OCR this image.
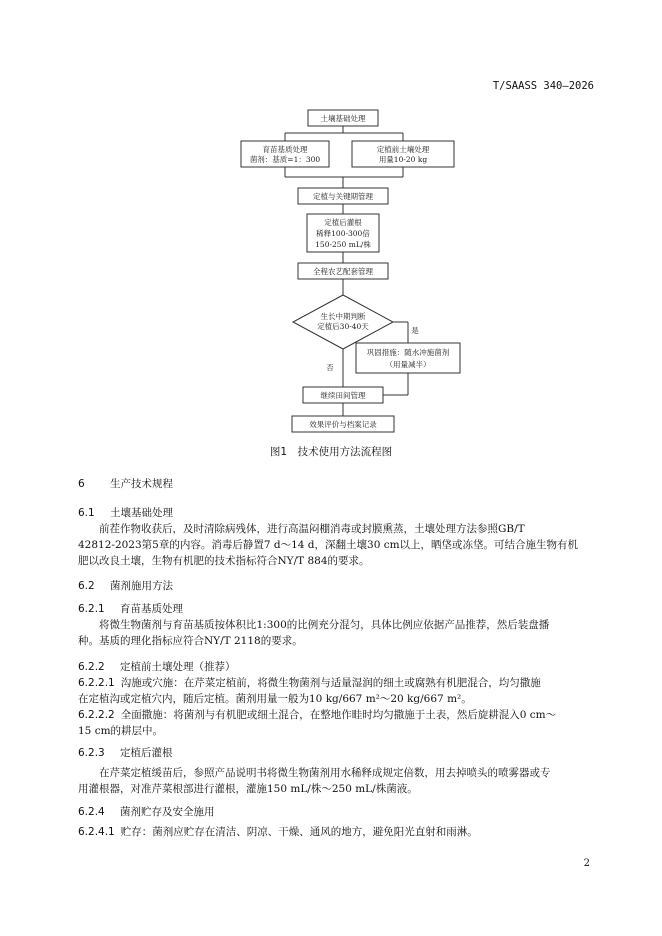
T/SAASS 340—2026
土壤基础处理
育苗基质处理
菌剂：基质=1：300
定植前土壤处理
用量10-20 kg
定植与关键期管理
定植后灌根
稀释100-300倍
150-250 mL/株
全程农艺配套管理
生长中期判断
定植后30-40天	是
巩固措施：随水冲施菌剂
（用量减半）
否
继续田间管理
效果评价与档案记录
图1　技术使用方法流程图
6 生产技术规程
6.1 土壤基础处理
前茬作物收获后，及时清除病残体，进行高温闷棚消毒或封膜熏蒸，土壤处理方法参照GB/T
42812-2023第5章的内容。消毒后静置7 d～14 d，深翻土壤30 cm以上，晒垡或冻垡。可结合施生物有机
肥以改良土壤，生物有机肥的技术指标符合NY/T 884的要求。
6.2 菌剂施用方法
6.2.1 育苗基质处理
将微生物菌剂与育苗基质按体积比1:300的比例充分混匀，具体比例应依据产品推荐，然后装盘播
种。基质的理化指标应符合NY/T 2118的要求。
6.2.2 定植前土壤处理（推荐）
6.2.2.1 沟施或穴施：在芹菜定植前，将微生物菌剂与适量湿润的细土或腐熟有机肥混合，均匀撒施
在定植沟或定植穴内，随后定植。菌剂用量一般为10 kg/667 m²～20 kg/667 m²。
6.2.2.2 全面撒施：将菌剂与有机肥或细土混合，在整地作畦时均匀撒施于土表，然后旋耕混入0 cm～
15 cm的耕层中。
6.2.3 定植后灌根
在芹菜定植缓苗后，参照产品说明书将微生物菌剂用水稀释成规定倍数，用去掉喷头的喷雾器或专
用灌根器，对准芹菜根部进行灌根，灌施150 mL/株～250 mL/株菌液。
6.2.4 菌剂贮存及安全施用
6.2.4.1 贮存：菌剂应贮存在清洁、阴凉、干燥、通风的地方，避免阳光直射和雨淋。
2
